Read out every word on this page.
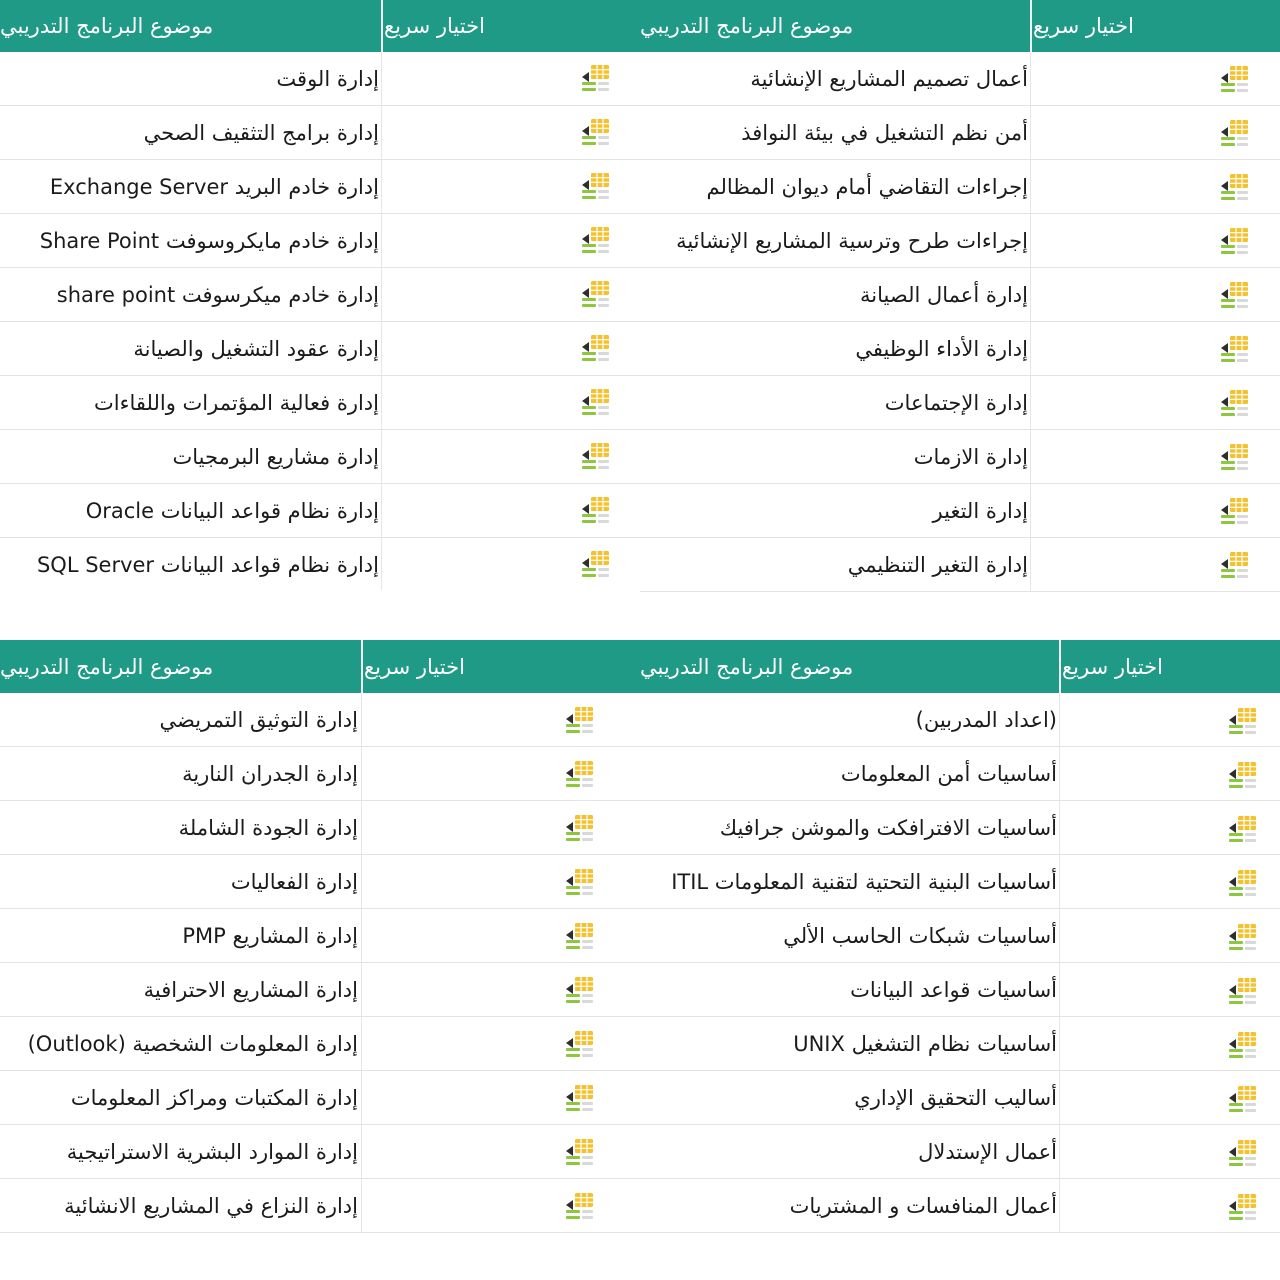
موضوع البرنامج التدريبي	اختيار سريع
أعمال تصميم المشاريع الإنشائية
أمن نظم التشغيل في بيئة النوافذ
إجراءات التقاضي أمام ديوان المظالم
إجراءات طرح وترسية المشاريع الإنشائية
إدارة أعمال الصيانة
إدارة الأداء الوظيفي
إدارة الإجتماعات
إدارة الازمات
إدارة التغير
إدارة التغير التنظيمي
موضوع البرنامج التدريبي	اختيار سريع
إدارة الوقت
إدارة برامج التثقيف الصحي
إدارة خادم البريد Exchange Server
إدارة خادم مايكروسوفت Share Point
إدارة خادم ميكرسوفت share point
إدارة عقود التشغيل والصيانة
إدارة فعالية المؤتمرات واللقاءات
إدارة مشاريع البرمجيات
إدارة نظام قواعد البيانات Oracle
إدارة نظام قواعد البيانات SQL Server
موضوع البرنامج التدريبي	اختيار سريع
(اعداد المدربين)
أساسيات أمن المعلومات
أساسيات الافترافكت والموشن جرافيك
أساسيات البنية التحتية لتقنية المعلومات ITIL
أساسيات شبكات الحاسب الألي
أساسيات قواعد البيانات
أساسيات نظام التشغيل UNIX
أساليب التحقيق الإداري
أعمال الإستدلال
أعمال المنافسات و المشتريات
موضوع البرنامج التدريبي	اختيار سريع
إدارة التوثيق التمريضي
إدارة الجدران النارية
إدارة الجودة الشاملة
إدارة الفعاليات
إدارة المشاريع PMP
إدارة المشاريع الاحترافية
إدارة المعلومات الشخصية (Outlook)
إدارة المكتبات ومراكز المعلومات
إدارة الموارد البشرية الاستراتيجية
إدارة النزاع في المشاريع الانشائية
